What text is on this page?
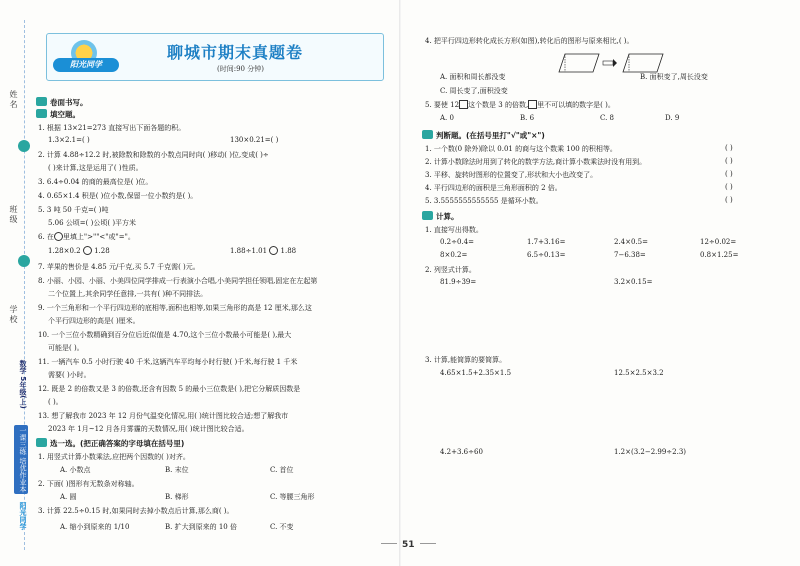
姓名
班级
学校
数学 5年级(上)
一课三练 培优作业本
阳光同学
阳光同学
聊城市期末真题卷
(时间:90 分钟)
卷面书写。
填空题。
1. 根据 13×21=273 直接写出下面各题的积。
1.3×2.1=( )	130×0.21=( )
2. 计算 4.88÷12.2 时,被除数和除数的小数点同时向( )移动( )位,变成( )÷
( )来计算,这是运用了( )性质。
3. 6.4÷0.04 的商的最高位是( )位。
4. 0.65×1.4 积是( )位小数,保留一位小数约是( )。
5. 3 吨 50 千克=( )吨
5.06 公顷=( )公顷( )平方米
6. 在 里填上">""<"或"="。
1.28×0.2 1.28	1.88÷1.01 1.88
7. 苹果的售价是 4.85 元/千克,买 5.7 千克需( )元。
8. 小丽、小园、小丽、小美四位同学排成一行表演小合唱,小美同学担任领唱,固定在左起第
二个位置上,其余同学任意排,一共有( )种不同排法。
9. 一个三角形和一个平行四边形的底相等,面积也相等,如果三角形的高是 12 厘米,那么这
个平行四边形的高是( )厘米。
10. 一个三位小数精确到百分位后近似值是 4.70,这个三位小数最小可能是( ),最大
可能是( )。
11. 一辆汽车 0.5 小时行驶 40 千米,这辆汽车平均每小时行驶( )千米,每行驶 1 千米
需要( )小时。
12. 既是 2 的倍数又是 3 的倍数,还含有因数 5 的最小三位数是( ),把它分解质因数是
( )。
13. 想了解我市 2023 年 12 月份气温变化情况,用( )统计图比较合适;想了解我市
2023 年 1月~12 月各月雾霾的天数情况,用( )统计图比较合适。
选一选。(把正确答案的字母填在括号里)
1. 用竖式计算小数乘法,应把两个因数的( )对齐。
A. 小数点	B. 末位	C. 首位
2. 下面( )图形有无数条对称轴。
A. 圆	B. 梯形	C. 等腰三角形
3. 计算 22.5÷0.15 时,如果同时去掉小数点后计算,那么商( )。
A. 缩小到原来的 1/10	B. 扩大到原来的 10 倍	C. 不变
4. 把平行四边形转化成长方形(如图),转化后的图形与原来相比,( )。
A. 面积和周长都没变	B. 面积变了,周长没变
C. 周长变了,面积没变
5. 要使 12 这个数是 3 的倍数, 里不可以填的数字是( )。
A. 0	B. 6	C. 8	D. 9
判断题。(在括号里打"√"或"×")
1. 一个数(0 除外)除以 0.01 的商与这个数乘 100 的积相等。	( )
2. 计算小数除法时用到了转化的数学方法,商计算小数乘法时没有用到。	( )
3. 平移、旋转时图形的位置变了,形状和大小也改变了。	( )
4. 平行四边形的面积是三角形面积的 2 倍。	( )
5. 3.5555555555555 是循环小数。	( )
计算。
1. 直接写出得数。
0.2÷0.4=	1.7+3.16=	2.4×0.5=	12÷0.02=
8×0.2=	6.5÷0.13=	7−6.38=	0.8×1.25=
2. 列竖式计算。
81.9÷39=	3.2×0.15=
3. 计算,能简算的要简算。
4.65×1.5+2.35×1.5	12.5×2.5×3.2
4.2+3.6÷60	1.2×(3.2−2.99÷2.3)
51
